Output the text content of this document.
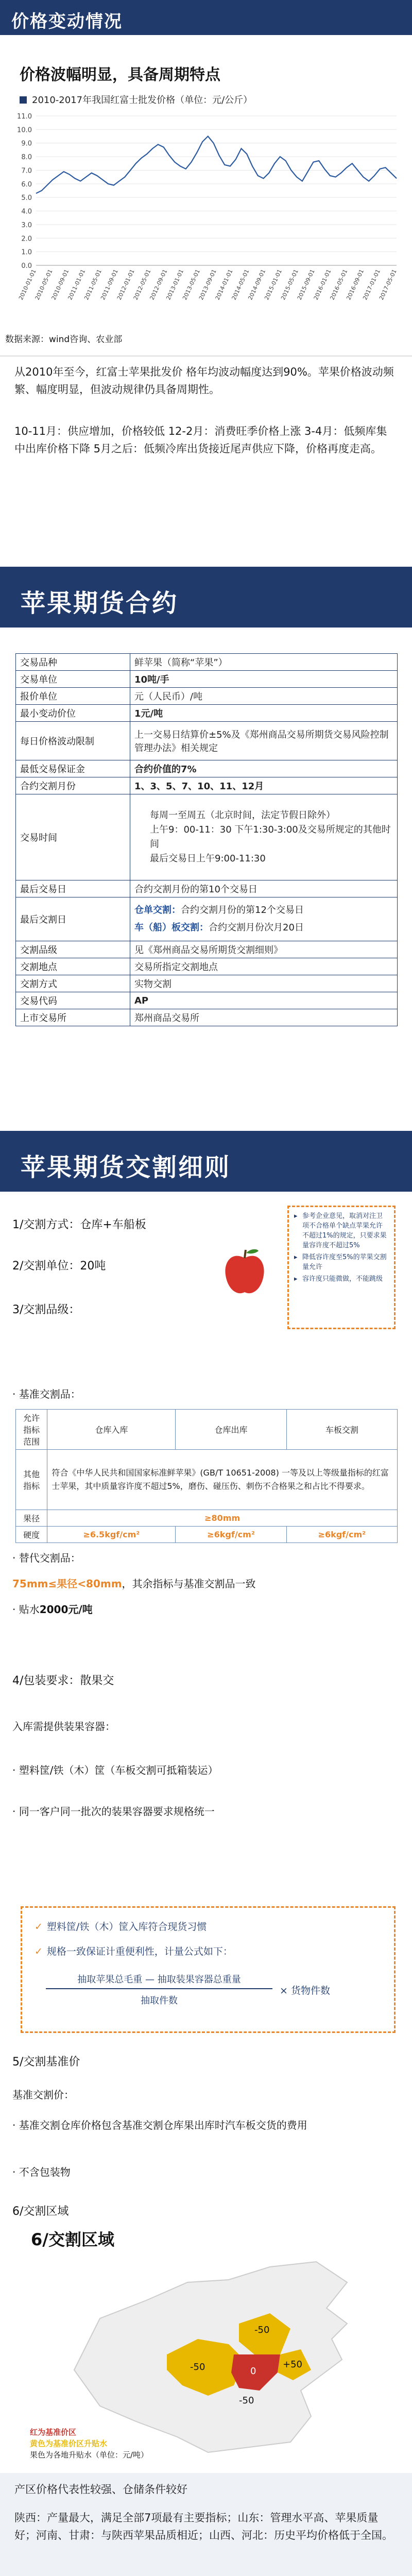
价格变动情况
价格波幅明显，具备周期特点
2010-2017年我国红富士批发价格（单位：元/公斤）
0.0
1.0
2.0
3.0
4.0
5.0
6.0
7.0
8.0
9.0
10.0
11.0
2010-01-01
2010-05-01
2010-09-01
2011-01-01
2011-05-01
2011-09-01
2012-01-01
2012-05-01
2012-09-01
2013-01-01
2013-05-01
2013-09-01
2014-01-01
2014-05-01
2014-09-01
2015-01-01
2015-05-01
2015-09-01
2016-01-01
2016-05-01
2016-09-01
2017-01-01
2017-05-01
数据来源：wind咨询、农业部
从2010年至今，红富士苹果批发价 格年均波动幅度达到90%。苹果价格波动频繁、幅度明显，但波动规律仍具备周期性。
10-11月：供应增加，价格较低 12-2月：消费旺季价格上涨 3-4月：低频库集中出库价格下降 5月之后：低频冷库出货接近尾声供应下降，价格再度走高。
苹果期货合约
交易品种	鲜苹果（简称“苹果”）
交易单位	10吨/手
报价单位	元（人民币）/吨
最小变动价位	1元/吨
每日价格波动限制	上一交易日结算价±5%及《郑州商品交易所期货交易风险控制管理办法》相关规定
最低交易保证金	合约价值的7%
合约交割月份	1、3、5、7、10、11、12月
交易时间	每周一至周五（北京时间，法定节假日除外）
上午9：00-11：30 下午1:30-3:00及交易所规定的其他时间
最后交易日上午9:00-11:30

最后交易日	合约交割月份的第10个交易日
最后交割日	仓单交割：合约交割月份的第12个交易日
车（船）板交割：合约交割月份次月20日

交割品级	见《郑州商品交易所期货交割细则》
交割地点	交易所指定交割地点
交割方式	实物交割
交易代码	AP
上市交易所	郑州商品交易所
苹果期货交割细则
1/交割方式：仓库+车船板
2/交割单位：20吨
3/交割品级：
▸ 参考企业意见，取消对注卫项不合格单个缺点苹果允许不超过1%的规定，只要求果量容许度不超过5%
▸ 降低容许度至5%的苹果交割量允许
▸ 容许度只能微做，不能跳级
· 基准交割品：
允许指标范围	仓库入库	仓库出库	车板交割
其他指标	符合《中华人民共和国国家标准鲜苹果》(GB/T 10651-2008) 一等及以上等级量指标的红富士苹果，其中质量容许度不超过5%，磨伤、碰压伤、刺伤不合格果之和占比不得要求。		
果径	≥80mm		
硬度	≥6.5kgf/cm²	≥6kgf/cm²	≥6kgf/cm²
· 替代交割品：
75mm≤果径<80mm，其余指标与基准交割品一致
· 贴水2000元/吨
4/包装要求：散果交
入库需提供装果容器：
· 塑料筐/铁（木）筐（车板交割可抵箱装运）
· 同一客户同一批次的装果容器要求规格统一
✓ 塑料筐/铁（木）筐入库符合现货习惯
✓ 规格一致保证计重便利性，计量公式如下：
抽取苹果总毛重 — 抽取装果容器总重量
抽取件数
× 货物件数
5/交割基准价
基准交割价：
· 基准交割仓库价格包含基准交割仓库果出库时汽车板交货的费用
· 不含包装物
6/交割区域
6/交割区域
-50
-50	+50
0
-50
红为基准价区
黄色为基准价区升贴水
果色为各地升贴水（单位：元/吨）
产区价格代表性较强、仓储条件较好
陕西：产量最大，满足全部7项最有主要指标；山东：管理水平高、苹果质量好；河南、甘肃：与陕西苹果品质相近；山西、河北：历史平均价格低于全国。
